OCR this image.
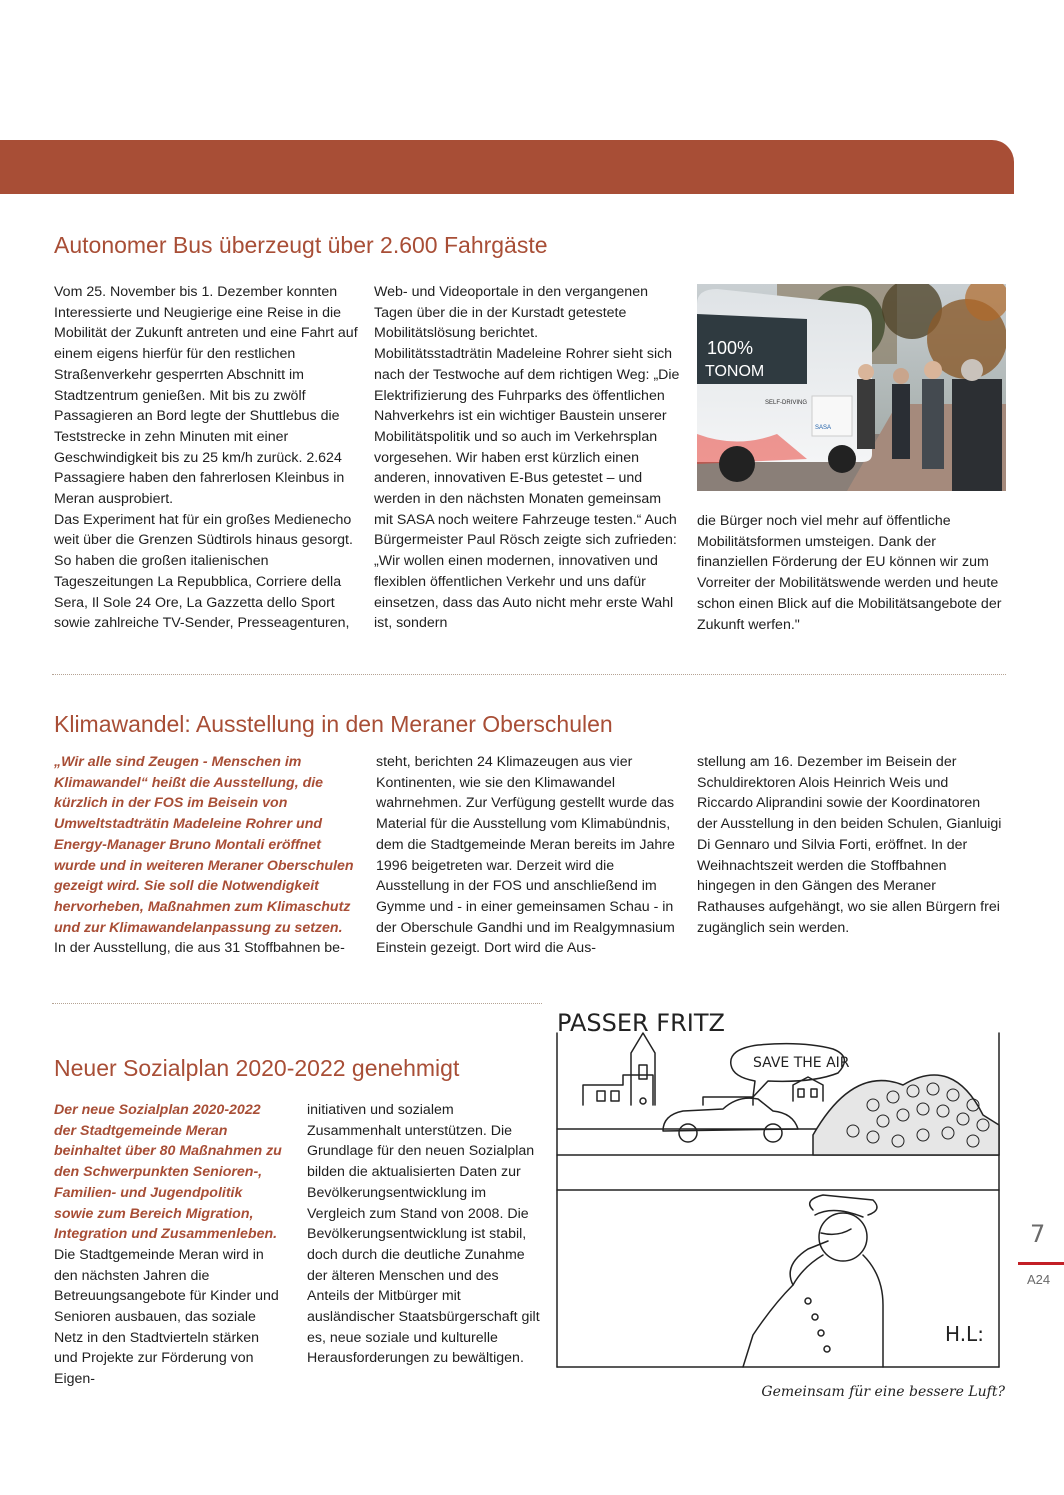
Autonomer Bus überzeugt über 2.600 Fahrgäste

Vom 25. November bis 1. Dezember konnten Interessierte und Neugierige eine Reise in die Mobilität der Zukunft antreten und eine Fahrt auf einem eigens hierfür für den restlichen Straßenverkehr gesperrten Abschnitt im Stadtzentrum genießen. Mit bis zu zwölf Passagieren an Bord legte der Shuttlebus die Teststrecke in zehn Minuten mit einer Geschwindigkeit bis zu 25 km/h zurück. 2.624 Passagiere haben den fahrerlosen Kleinbus in Meran ausprobiert.

Das Experiment hat für ein großes Medienecho weit über die Grenzen Südtirols hinaus gesorgt. So haben die großen italienischen Tageszeitungen La Repubblica, Corriere della Sera, Il Sole 24 Ore, La Gazzetta dello Sport sowie zahlreiche TV-Sender, Presseagenturen,

Web- und Videoportale in den vergangenen Tagen über die in der Kurstadt getestete Mobilitätslösung berichtet.

Mobilitätsstadträtin Madeleine Rohrer sieht sich nach der Testwoche auf dem richtigen Weg: „Die Elektrifizierung des Fuhrparks des öffentlichen Nahverkehrs ist ein wichtiger Baustein unserer Mobilitätspolitik und so auch im Verkehrsplan vorgesehen. Wir haben erst kürzlich einen anderen, innovativen E-Bus getestet – und werden in den nächsten Monaten gemeinsam mit SASA noch weitere Fahrzeuge testen.“ Auch Bürgermeister Paul Rösch zeigte sich zufrieden: „Wir wollen einen modernen, innovativen und flexiblen öffentlichen Verkehr und uns dafür einsetzen, dass das Auto nicht mehr erste Wahl ist, sondern

100%
TONOM
SELF-DRIVING
SASA

die Bürger noch viel mehr auf öffentliche Mobilitätsformen umsteigen. Dank der finanziellen Förderung der EU können wir zum Vorreiter der Mobilitätswende werden und heute schon einen Blick auf die Mobilitätsangebote der Zukunft werfen."

Klimawandel: Ausstellung in den Meraner Oberschulen

„Wir alle sind Zeugen - Menschen im Klimawandel“ heißt die Ausstellung, die kürzlich in der FOS im Beisein von Umweltstadträtin Madeleine Rohrer und Energy-Manager Bruno Montali eröffnet wurde und in weiteren Meraner Oberschulen gezeigt wird. Sie soll die Notwendigkeit hervorheben, Maßnahmen zum Klimaschutz und zur Klimawandelanpassung zu setzen.

In der Ausstellung, die aus 31 Stoffbahnen be-

steht, berichten 24 Klimazeugen aus vier Kontinenten, wie sie den Klimawandel wahrnehmen. Zur Verfügung gestellt wurde das Material für die Ausstellung vom Klimabündnis, dem die Stadtgemeinde Meran bereits im Jahre 1996 beigetreten war. Derzeit wird die Ausstellung in der FOS und anschließend im Gymme und - in einer gemeinsamen Schau - in der Oberschule Gandhi und im Realgymnasium Einstein gezeigt. Dort wird die Aus-

stellung am 16. Dezember im Beisein der Schuldirektoren Alois Heinrich Weis und Riccardo Aliprandini sowie der Koordinatoren der Ausstellung in den beiden Schulen, Gianluigi Di Gennaro und Silvia Forti, eröffnet. In der Weihnachtszeit werden die Stoffbahnen hingegen in den Gängen des Meraner Rathauses aufgehängt, wo sie allen Bürgern frei zugänglich sein werden.

Neuer Sozialplan 2020-2022 genehmigt

Der neue Sozialplan 2020-2022 der Stadtgemeinde Meran beinhaltet über 80 Maßnahmen zu den Schwerpunkten Senioren-, Familien- und Jugendpolitik sowie zum Bereich Migration, Integration und Zusammenleben.

Die Stadtgemeinde Meran wird in den nächsten Jahren die Betreuungsangebote für Kinder und Senioren ausbauen, das soziale Netz in den Stadtvierteln stärken und Projekte zur Förderung von Eigen-

initiativen und sozialem Zusammenhalt unterstützen. Die Grundlage für den neuen Sozialplan bilden die aktualisierten Daten zur Bevölkerungsentwicklung im Vergleich zum Stand von 2008. Die Bevölkerungsentwicklung ist stabil, doch durch die deutliche Zunahme der älteren Menschen und des Anteils der Mitbürger mit ausländischer Staatsbürgerschaft gilt es, neue soziale und kulturelle Herausforderungen zu bewältigen.

PASSER FRITZ
SAVE THE AIR
H.L:
Gemeinsam für eine bessere Luft?
7
A24
